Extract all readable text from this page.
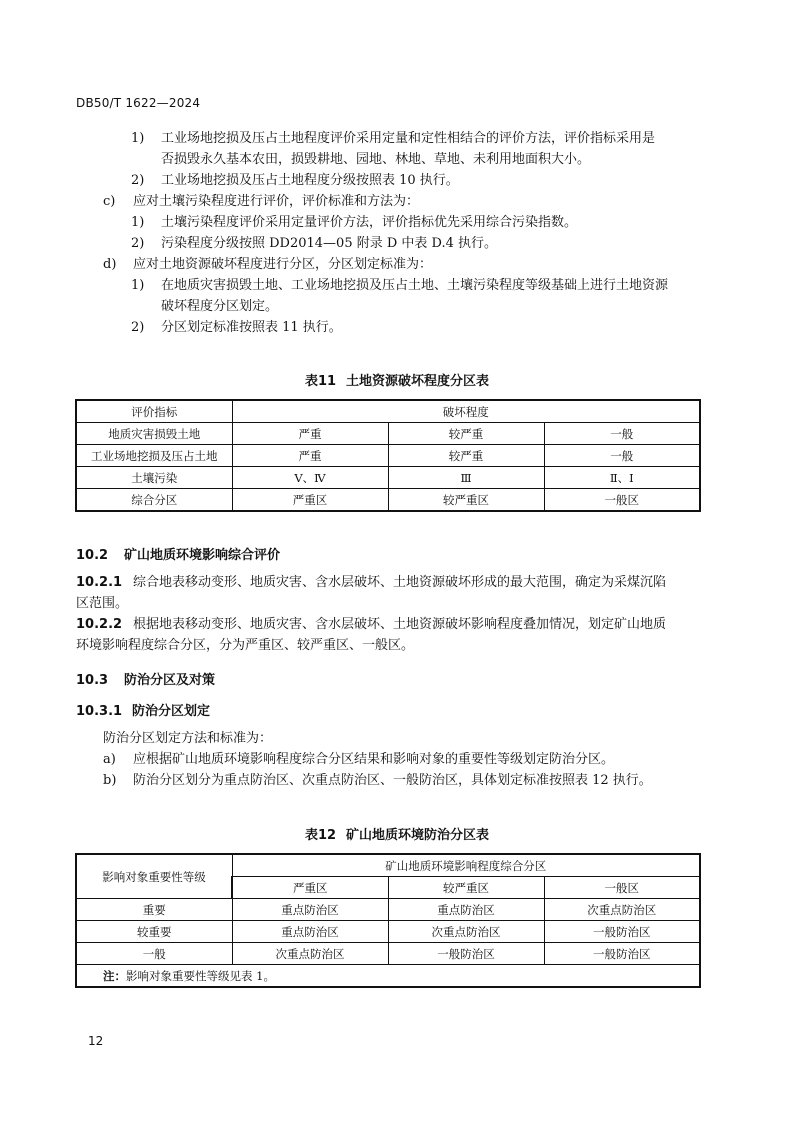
DB50/T 1622—2024
1) 工业场地挖损及压占土地程度评价采用定量和定性相结合的评价方法，评价指标采用是
否损毁永久基本农田，损毁耕地、园地、林地、草地、未利用地面积大小。
2) 工业场地挖损及压占土地程度分级按照表 10 执行。
c) 应对土壤污染程度进行评价，评价标准和方法为：
1) 土壤污染程度评价采用定量评价方法，评价指标优先采用综合污染指数。
2) 污染程度分级按照 DD2014—05 附录 D 中表 D.4 执行。
d) 应对土地资源破坏程度进行分区，分区划定标准为：
1) 在地质灾害损毁土地、工业场地挖损及压占土地、土壤污染程度等级基础上进行土地资源
破坏程度分区划定。
2) 分区划定标准按照表 11 执行。
表11 土地资源破坏程度分区表
评价指标	破坏程度		
地质灾害损毁土地	严重	较严重	一般
工业场地挖损及压占土地	严重	较严重	一般
土壤污染	Ⅴ、Ⅳ	Ⅲ	Ⅱ、Ⅰ
综合分区	严重区	较严重区	一般区
10.2 矿山地质环境影响综合评价
10.2.1 综合地表移动变形、地质灾害、含水层破坏、土地资源破坏形成的最大范围，确定为采煤沉陷
区范围。
10.2.2 根据地表移动变形、地质灾害、含水层破坏、土地资源破坏影响程度叠加情况，划定矿山地质
环境影响程度综合分区，分为严重区、较严重区、一般区。
10.3 防治分区及对策
10.3.1 防治分区划定
防治分区划定方法和标准为：
a) 应根据矿山地质环境影响程度综合分区结果和影响对象的重要性等级划定防治分区。
b) 防治分区划分为重点防治区、次重点防治区、一般防治区，具体划定标准按照表 12 执行。
表12 矿山地质环境防治分区表
影响对象重要性等级	矿山地质环境影响程度综合分区		
	严重区	较严重区	一般区
重要	重点防治区	重点防治区	次重点防治区
较重要	重点防治区	次重点防治区	一般防治区
一般	次重点防治区	一般防治区	一般防治区
注：影响对象重要性等级见表 1。			
12
